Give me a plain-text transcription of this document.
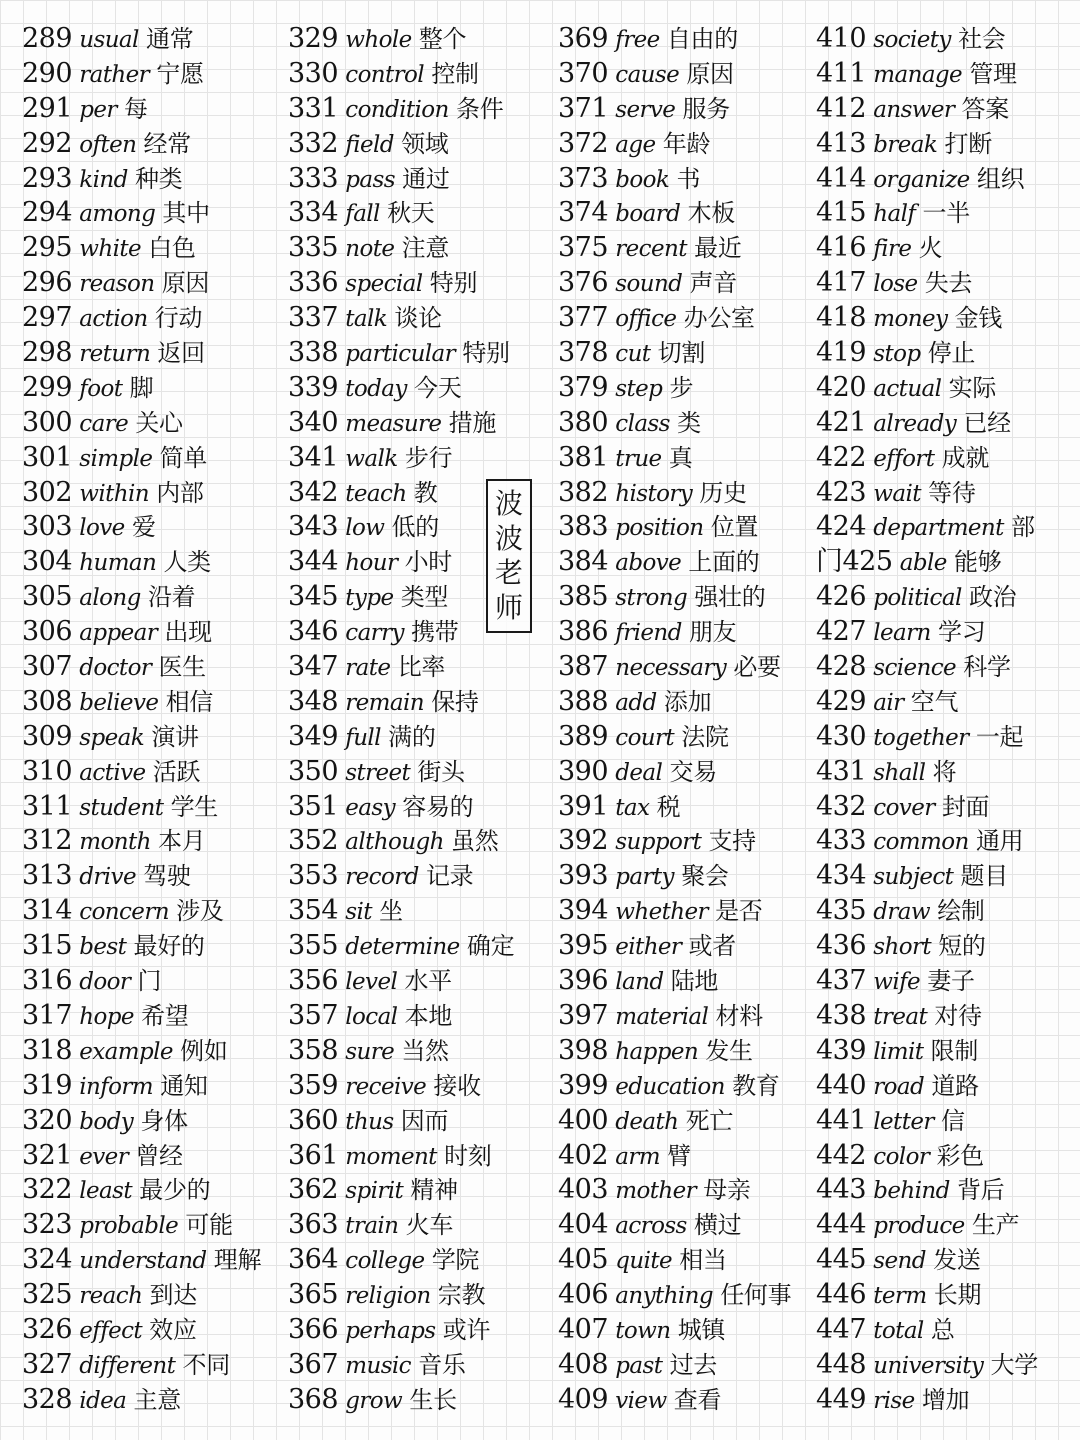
289 usual 通常
290 rather 宁愿
291 per 每
292 often 经常
293 kind 种类
294 among 其中
295 white 白色
296 reason 原因
297 action 行动
298 return 返回
299 foot 脚
300 care 关心
301 simple 简单
302 within 内部
303 love 爱
304 human 人类
305 along 沿着
306 appear 出现
307 doctor 医生
308 believe 相信
309 speak 演讲
310 active 活跃
311 student 学生
312 month 本月
313 drive 驾驶
314 concern 涉及
315 best 最好的
316 door 门
317 hope 希望
318 example 例如
319 inform 通知
320 body 身体
321 ever 曾经
322 least 最少的
323 probable 可能
324 understand 理解
325 reach 到达
326 effect 效应
327 different 不同
328 idea 主意
329 whole 整个
330 control 控制
331 condition 条件
332 field 领域
333 pass 通过
334 fall 秋天
335 note 注意
336 special 特别
337 talk 谈论
338 particular 特别
339 today 今天
340 measure 措施
341 walk 步行
342 teach 教
343 low 低的
344 hour 小时
345 type 类型
346 carry 携带
347 rate 比率
348 remain 保持
349 full 满的
350 street 街头
351 easy 容易的
352 although 虽然
353 record 记录
354 sit 坐
355 determine 确定
356 level 水平
357 local 本地
358 sure 当然
359 receive 接收
360 thus 因而
361 moment 时刻
362 spirit 精神
363 train 火车
364 college 学院
365 religion 宗教
366 perhaps 或许
367 music 音乐
368 grow 生长
369 free 自由的
370 cause 原因
371 serve 服务
372 age 年龄
373 book 书
374 board 木板
375 recent 最近
376 sound 声音
377 office 办公室
378 cut 切割
379 step 步
380 class 类
381 true 真
382 history 历史
383 position 位置
384 above 上面的
385 strong 强壮的
386 friend 朋友
387 necessary 必要
388 add 添加
389 court 法院
390 deal 交易
391 tax 税
392 support 支持
393 party 聚会
394 whether 是否
395 either 或者
396 land 陆地
397 material 材料
398 happen 发生
399 education 教育
400 death 死亡
402 arm 臂
403 mother 母亲
404 across 横过
405 quite 相当
406 anything 任何事
407 town 城镇
408 past 过去
409 view 查看
410 society 社会
411 manage 管理
412 answer 答案
413 break 打断
414 organize 组织
415 half 一半
416 fire 火
417 lose 失去
418 money 金钱
419 stop 停止
420 actual 实际
421 already 已经
422 effort 成就
423 wait 等待
424 department 部
门425 able 能够
426 political 政治
427 learn 学习
428 science 科学
429 air 空气
430 together 一起
431 shall 将
432 cover 封面
433 common 通用
434 subject 题目
435 draw 绘制
436 short 短的
437 wife 妻子
438 treat 对待
439 limit 限制
440 road 道路
441 letter 信
442 color 彩色
443 behind 背后
444 produce 生产
445 send 发送
446 term 长期
447 total 总
448 university 大学
449 rise 增加
波
波
老
师
